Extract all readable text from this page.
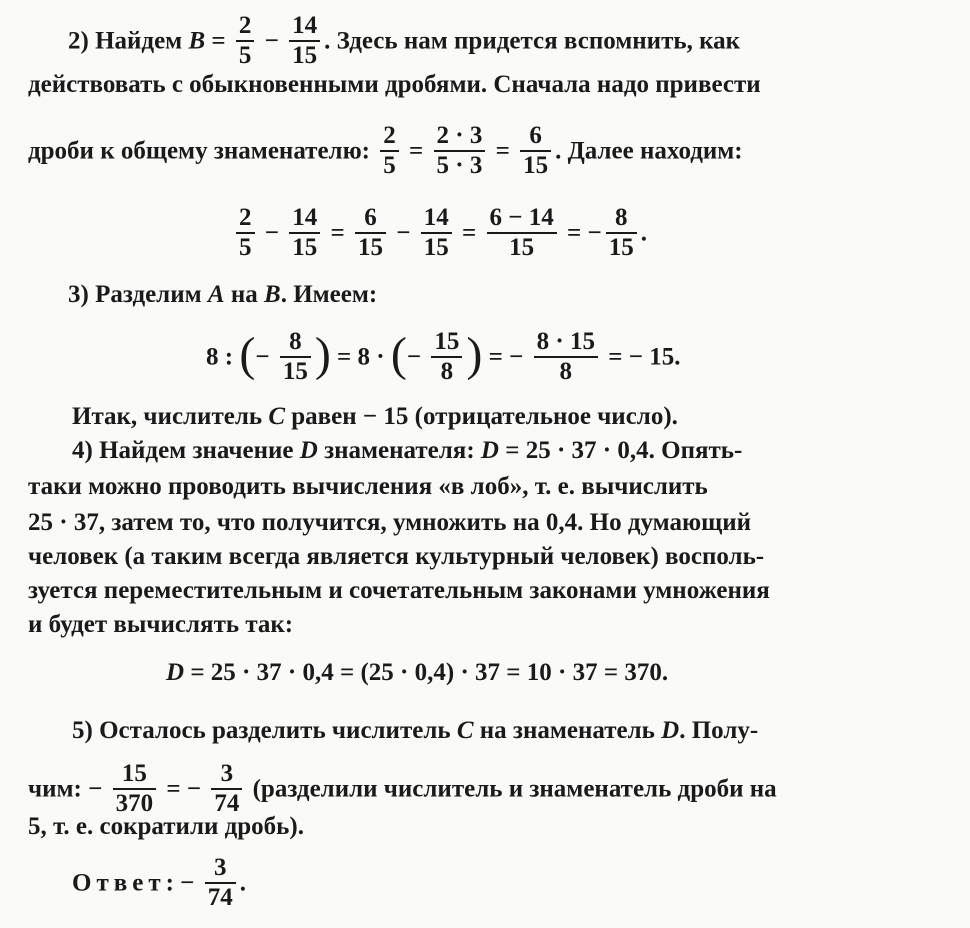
2) Найдем $B = \frac{2}{5} - \frac{14}{15}$ . Здесь нам придется вспомнить, как
действовать с обыкновенными дробями. Сначала надо привести
дроби к общему знаменателю: $\frac{2}{5} = \frac{2 \cdot 3}{5 \cdot 3} = \frac{6}{15}$ . Далее находим:
$\frac{2}{5} - \frac{14}{15} = \frac{6}{15} - \frac{14}{15} = \frac{6 - 14}{15}$ = − $\frac{8}{15}$ .
3) Разделим A на B. Имеем:
8 : (− $\frac{8}{15}$ ) = 8 · (− $\frac{15}{8}$ ) = − $\frac{8 \cdot 15}{8}$ = − 15.
Итак, числитель C равен − 15 (отрицательное число).
4) Найдем значение D знаменателя: D = 25 · 37 · 0,4. Опять-
таки можно проводить вычисления «в лоб», т. е. вычислить
25 · 37, затем то, что получится, умножить на 0,4. Но думающий
человек (а таким всегда является культурный человек) восполь-
зуется переместительным и сочетательным законами умножения
и будет вычислять так:
D = 25 · 37 · 0,4 = (25 · 0,4) · 37 = 10 · 37 = 370.
5) Осталось разделить числитель C на знаменатель D. Полу-
чим: − $\frac{15}{370}$ = − $\frac{3}{74}$ (разделили числитель и знаменатель дроби на
5, т. е. сократили дробь).
Ответ: − $\frac{3}{74}$ .
